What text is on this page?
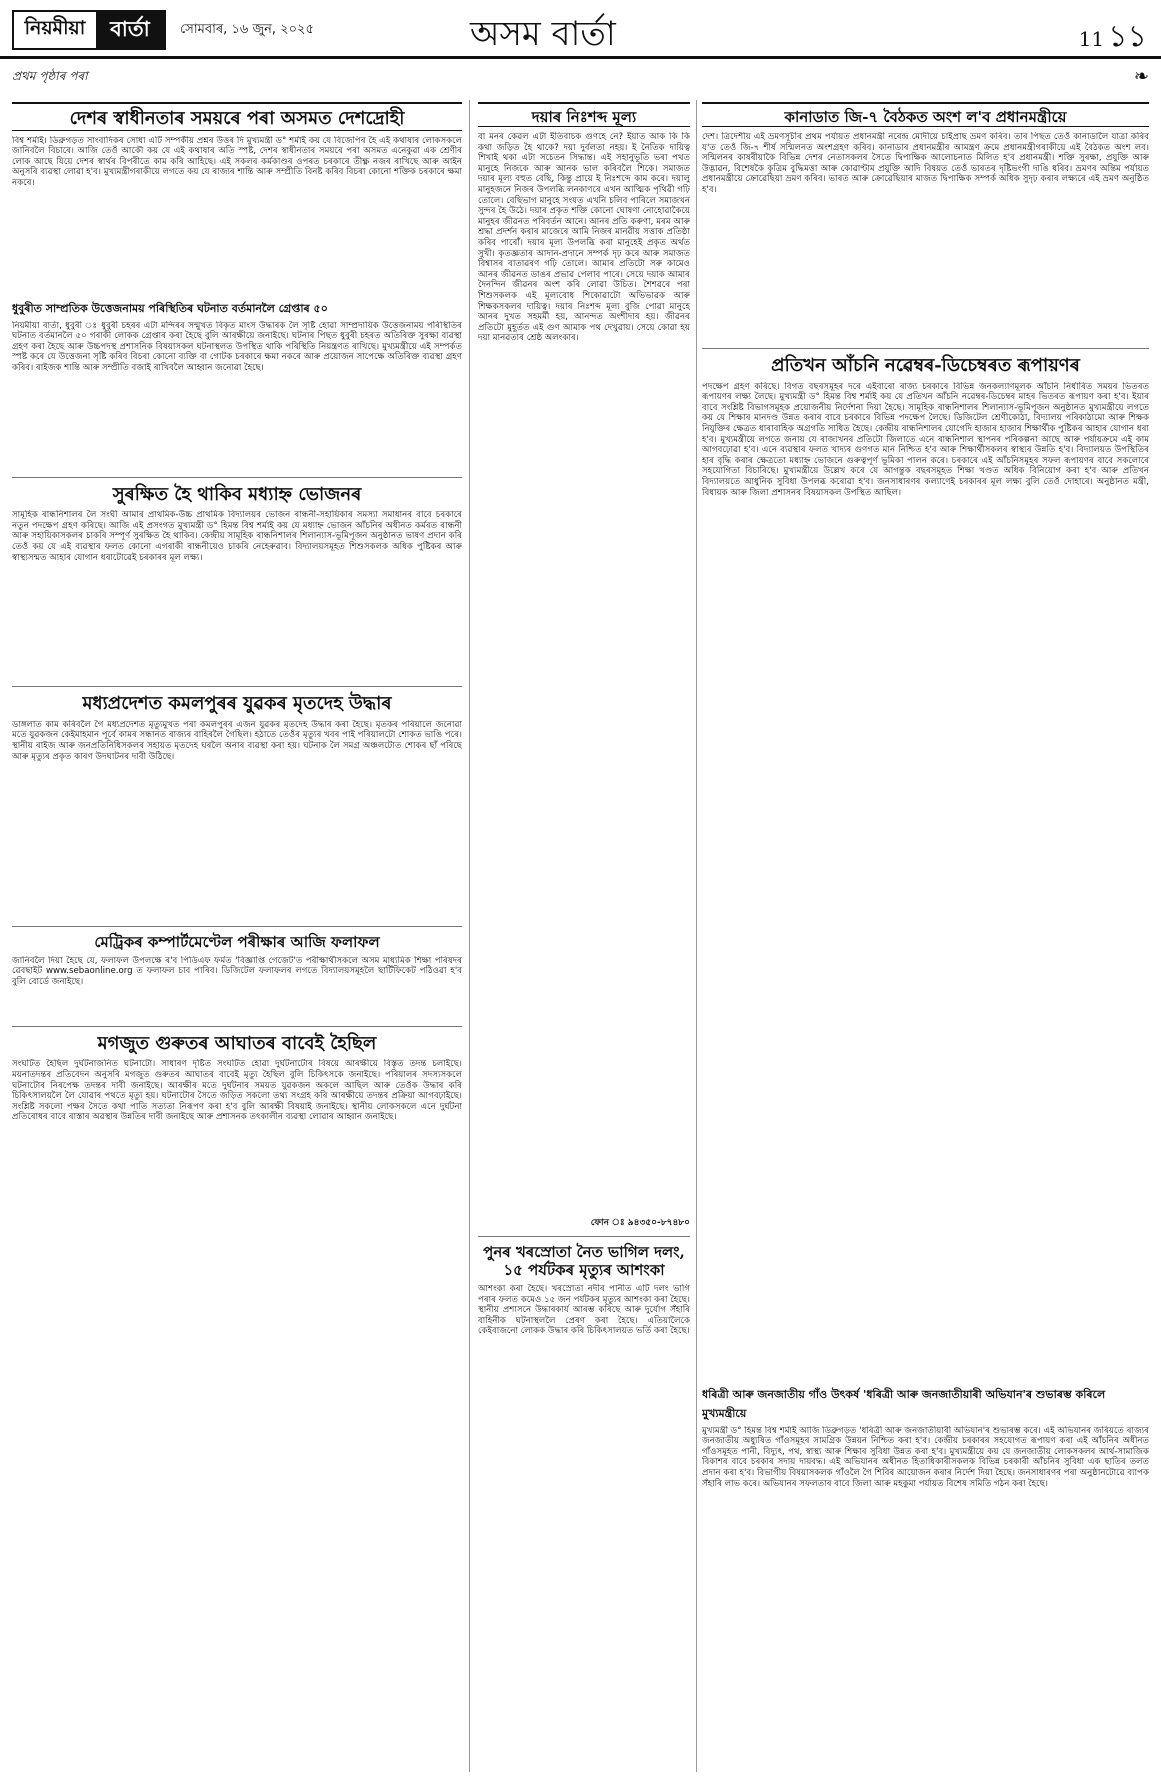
নিয়মীয়া	বাৰ্তা	সোমবাৰ, ১৬ জুন, ২০২৫	অসম বাৰ্তা	11 ১১
প্ৰথম পৃষ্ঠাৰ পৰা	❧
দেশৰ স্বাধীনতাৰ সময়ৰে পৰা অসমত দেশদ্ৰোহী

বিশ্ব শৰ্মাই। ডিব্ৰুগড়ত সাংবাদিকৰ সোধা এটি সম্পৰ্কীয় প্ৰশ্নৰ উত্তৰ দি মুখ্যমন্ত্ৰী ড° শৰ্মাই কয় যে বিজেপিৰ হৈ এই কথাষাৰ লোকসকলে জানিবলৈ বিচাৰে। আজি তেওঁ আকৌ কয় যে এই কথাষাৰ অতি স্পষ্ট, দেশৰ স্বাধীনতাৰ সময়ৰে পৰা অসমত এনেকুৱা এক শ্ৰেণীৰ লোক আছে যিয়ে দেশৰ স্বাৰ্থৰ বিপৰীতে কাম কৰি আহিছে। এই সকলৰ কৰ্মকাণ্ডৰ ওপৰত চৰকাৰে তীক্ষ্ণ নজৰ ৰাখিছে আৰু আইন অনুসৰি ব্যৱস্থা লোৱা হ'ব। মুখ্যমন্ত্ৰীগৰাকীয়ে লগতে কয় যে ৰাজ্যৰ শান্তি আৰু সম্প্ৰীতি বিনষ্ট কৰিব বিচৰা কোনো শক্তিক চৰকাৰে ক্ষমা নকৰে।

ধুবুৰীত সাম্প্ৰতিক উত্তেজনাময় পৰিস্থিতিৰ ঘটনাত বৰ্তমানলৈ গ্ৰেপ্তাৰ ৫০

নিয়মীয়া বাৰ্তা, ধুবুৰী ঃ ধুবুৰী চহৰৰ এটা মন্দিৰৰ সন্মুখত বিকৃত মাংস উদ্ধাৰক লৈ সৃষ্টি হোৱা সাম্প্ৰদায়িক উত্তেজনাময় পৰিস্থিতিৰ ঘটনাত বৰ্তমানলৈ ৫০ গৰাকী লোকক গ্ৰেপ্তাৰ কৰা হৈছে বুলি আৰক্ষীয়ে জনাইছে। ঘটনাৰ পিছত ধুবুৰী চহৰত অতিৰিক্ত সুৰক্ষা ব্যৱস্থা গ্ৰহণ কৰা হৈছে আৰু উচ্চপদস্থ প্ৰশাসনিক বিষয়াসকল ঘটনাস্থলত উপস্থিত থাকি পৰিস্থিতি নিয়ন্ত্ৰণত ৰাখিছে। মুখ্যমন্ত্ৰীয়ে এই সম্পৰ্কত স্পষ্ট কৰে যে উত্তেজনা সৃষ্টি কৰিব বিচৰা কোনো ব্যক্তি বা গোটক চৰকাৰে ক্ষমা নকৰে আৰু প্ৰয়োজন সাপেক্ষে অতিৰিক্ত ব্যৱস্থা গ্ৰহণ কৰিব। ৰাইজক শান্তি আৰু সম্প্ৰীতি বজাই ৰাখিবলৈ আহ্বান জনোৱা হৈছে।

সুৰক্ষিত হৈ থাকিব মধ্যাহ্ন ভোজনৰ

সামূহিক ৰান্ধনিশালৰ লৈ সংঘী আমাৰ প্ৰাথমিক-উচ্চ প্ৰাথমিক বিদ্যালয়ৰ ভোজন ৰান্ধনী-সহায়িকাৰ সমস্যা সমাধানৰ বাবে চৰকাৰে নতুন পদক্ষেপ গ্ৰহণ কৰিছে। আজি এই প্ৰসংগত মুখ্যমন্ত্ৰী ড° হিমন্ত বিশ্ব শৰ্মাই কয় যে মধ্যাহ্ন ভোজন আঁচনিৰ অধীনত কৰ্মৰত ৰান্ধনী আৰু সহায়িকাসকলৰ চাকৰি সম্পূৰ্ণ সুৰক্ষিত হৈ থাকিব। কেন্দ্ৰীয় সামূহিক ৰান্ধনিশালৰ শিলান্যাস-ভূমিপূজন অনুষ্ঠানত ভাষণ প্ৰদান কৰি তেওঁ কয় যে এই ব্যৱস্থাৰ ফলত কোনো এগৰাকী ৰান্ধনীয়েও চাকৰি নেহেৰুৱাব। বিদ্যালয়সমূহত শিশুসকলক অধিক পুষ্টিকৰ আৰু স্বাস্থ্যসন্মত আহাৰ যোগান ধৰাটোৱেই চৰকাৰৰ মূল লক্ষ্য।

মধ্যপ্ৰদেশত কমলপুৰৰ যুৱকৰ মৃতদেহ উদ্ধাৰ

ডাঙ্গলাত কাম কৰিবলৈ গৈ মধ্যপ্ৰদেশত মৃত্যুমুখত পৰা কমলপুৰৰ এজন যুৱকৰ মৃতদেহ উদ্ধাৰ কৰা হৈছে। মৃতকৰ পৰিয়ালে জনোৱা মতে যুৱকজন কেইমাহমান পূৰ্বে কামৰ সন্ধানত ৰাজ্যৰ বাহিৰলৈ গৈছিল। হঠাতে তেওঁৰ মৃত্যুৰ খবৰ পাই পৰিয়ালটো শোকত ভাঙি পৰে। স্থানীয় ৰাইজ আৰু জনপ্ৰতিনিধিসকলৰ সহায়ত মৃতদেহ ঘৰলৈ অনাৰ ব্যৱস্থা কৰা হয়। ঘটনাক লৈ সমগ্ৰ অঞ্চলটোত শোকৰ ছাঁ পৰিছে আৰু মৃত্যুৰ প্ৰকৃত কাৰণ উদঘাটনৰ দাবী উঠিছে।

মেট্ৰিকৰ কম্পাৰ্টমেণ্টেল পৰীক্ষাৰ আজি ফলাফল

জানিবলৈ দিয়া হৈছে যে, ফলাফল উপলক্ষে ৰ'ব পিডিএফ ফৰ্মত 'বিজ্ঞাপ্তি গেজেট'ত পৰীক্ষাৰ্থীসকলে অসম মাধ্যমিক শিক্ষা পৰিষদৰ ৱেবছাইট www.sebaonline.org ত ফলাফল চাব পাৰিব। ডিজিটেল ফলাফলৰ লগতে বিদ্যালয়সমূহলৈ ছাৰ্টিফিকেট পঠিওৱা হ'ব বুলি বোৰ্ডে জনাইছে।

মগজুত গুৰুতৰ আঘাতৰ বাবেই হৈছিল

সংঘটিত হৈছিল দুৰ্ঘটনাজনিত ঘটনাটো। সাধাৰণ দৃষ্টিত সংঘটিত হোৱা দুৰ্ঘটনাটোৰ বিষয়ে আৰক্ষীয়ে বিস্তৃত তদন্ত চলাইছে। ময়নাতদন্তৰ প্ৰতিবেদন অনুসৰি মগজুত গুৰুতৰ আঘাতৰ বাবেই মৃত্যু হৈছিল বুলি চিকিৎসকে জনাইছে। পৰিয়ালৰ সদস্যসকলে ঘটনাটোৰ নিৰপেক্ষ তদন্তৰ দাবী জনাইছে। আৰক্ষীৰ মতে দুৰ্ঘটনাৰ সময়ত যুৱকজন অকলে আছিল আৰু তেওঁক উদ্ধাৰ কৰি চিকিৎসালয়লৈ লৈ যোৱাৰ পথতে মৃত্যু হয়। ঘটনাটোৰ সৈতে জড়িত সকলো তথ্য সংগ্ৰহ কৰি আৰক্ষীয়ে তদন্তৰ প্ৰক্ৰিয়া আগবঢ়াইছে। সংশ্লিষ্ট সকলো পক্ষৰ সৈতে কথা পাতি সত্যতা নিৰূপণ কৰা হ'ব বুলি আৰক্ষী বিষয়াই জনাইছে। স্থানীয় লোকসকলে এনে দুৰ্ঘটনা প্ৰতিৰোধৰ বাবে ৰাস্তাৰ অৱস্থাৰ উন্নতিৰ দাবী জনাইছে আৰু প্ৰশাসনক তৎকালীন ব্যৱস্থা লোৱাৰ আহ্বান জনাইছে।

দয়াৰ নিঃশব্দ মূল্য

বা মনৰ কেৱল এটা ইতিবাচক গুণহে নে? ইয়াত আক কি কি কথা জড়িত হৈ থাকে? দয়া দুৰ্বলতা নহয়। ই নৈতিক দায়িত্ব শিখাই থকা এটা সচেতন সিদ্ধান্ত। এই সহানুভূতি ভৰা পথত মানুহে নিজকে আৰু আনক ভাল কৰিবলৈ শিকে। সমাজত দয়াৰ মূল্য বহুত বেছি, কিন্তু প্ৰায়ে ই নিঃশব্দে কাম কৰে। দয়ালু মানুহজনে নিজৰ উপলব্ধি লনকাণৰে এখন আত্মিক পৃথিৱী গঢ়ি তোলে। বেছিভাগ মানুহে সংযত এখনি চলিব পাৰিলে সমাজখন সুন্দৰ হৈ উঠে। দয়াৰ প্ৰকৃত শক্তি কোনো ঘোষণা নোহোৱাকৈয়ে মানুহৰ জীৱনত পৰিবৰ্তন আনে। আনৰ প্ৰতি কৰুণা, মৰম আৰু শ্ৰদ্ধা প্ৰদৰ্শন কৰাৰ মাজেৰে আমি নিজৰ মানৱীয় সত্তাক প্ৰতিষ্ঠা কৰিব পাৰোঁ। দয়াৰ মূল্য উপলব্ধি কৰা মানুহেই প্ৰকৃত অৰ্থত সুখী। কৃতজ্ঞতাৰ আদান-প্ৰদানে সম্পৰ্ক দৃঢ় কৰে আৰু সমাজত বিশ্বাসৰ বাতাৱৰণ গঢ়ি তোলে। আমাৰ প্ৰতিটো সৰু কামেও আনৰ জীৱনত ডাঙৰ প্ৰভাৱ পেলাব পাৰে। সেয়ে দয়াক আমাৰ দৈনন্দিন জীৱনৰ অংশ কৰি লোৱা উচিত। শৈশৱৰে পৰা শিশুসকলক এই মূল্যবোধ শিকোৱাটো অভিভাৱক আৰু শিক্ষকসকলৰ দায়িত্ব। দয়াৰ নিঃশব্দ মূল্য বুজি পোৱা মানুহে আনৰ দুখত সহমৰ্মী হয়, আনন্দত অংশীদাৰ হয়। জীৱনৰ প্ৰতিটো মুহূৰ্তত এই গুণ আমাক পথ দেখুৱায়। সেয়ে কোৱা হয় দয়া মানৱতাৰ শ্ৰেষ্ঠ অলংকাৰ।

ফোন ঃ ৯৪৩৫০-৮৭৪৮০
পুনৰ খৰস্ৰোতা নৈত ভাগিল দলং, ১৫ পৰ্যটকৰ মৃত্যুৰ আশংকা

আশংকা কৰা হৈছে। খৰস্ৰোতা নদীৰ পানীত এটি দলং ভাগি পৰাৰ ফলত কমেও ১৫ জন পৰ্যটকৰ মৃত্যুৰ আশংকা কৰা হৈছে। স্থানীয় প্ৰশাসনে উদ্ধাৰকাৰ্য আৰম্ভ কৰিছে আৰু দুৰ্যোগ সঁহাৰি বাহিনীক ঘটনাস্থললৈ প্ৰেৰণ কৰা হৈছে। এতিয়ালৈকে কেইবাজনো লোকক উদ্ধাৰ কৰি চিকিৎসালয়ত ভৰ্তি কৰা হৈছে।

কানাডাত জি-৭ বৈঠকত অংশ ল'ব প্ৰধানমন্ত্ৰীয়ে

দেশ। ত্ৰিদেশীয় এই ভ্ৰমণসূচীৰ প্ৰথম পৰ্যায়ত প্ৰধানমন্ত্ৰী নৰেন্দ্ৰ মোদীয়ে চাইপ্ৰাছ ভ্ৰমণ কৰিব। তাৰ পিছত তেওঁ কানাডালৈ যাত্ৰা কৰিব য'ত তেওঁ জি-৭ শীৰ্ষ সন্মিলনত অংশগ্ৰহণ কৰিব। কানাডাৰ প্ৰধানমন্ত্ৰীৰ আমন্ত্ৰণ ক্ৰমে প্ৰধানমন্ত্ৰীগৰাকীয়ে এই বৈঠকত অংশ লব। সন্মিলনৰ কাষৰীয়াকৈ বিভিন্ন দেশৰ নেতাসকলৰ সৈতে দ্বিপাক্ষিক আলোচনাত মিলিত হ'ব প্ৰধানমন্ত্ৰী। শক্তি সুৰক্ষা, প্ৰযুক্তি আৰু উদ্ভাৱন, বিশেষকৈ কৃত্ৰিম বুদ্ধিমত্তা আৰু কোৱাণ্টাম প্ৰযুক্তি আদি বিষয়ত তেওঁ ভাৰতৰ দৃষ্টিভংগী দাঙি ধৰিব। ভ্ৰমণৰ অন্তিম পৰ্যায়ত প্ৰধানমন্ত্ৰীয়ে ক্ৰোৱেছিয়া ভ্ৰমণ কৰিব। ভাৰত আৰু ক্ৰোৱেছিয়াৰ মাজত দ্বিপাক্ষিক সম্পৰ্ক অধিক সুদৃঢ় কৰাৰ লক্ষ্যৰে এই ভ্ৰমণ অনুষ্ঠিত হ'ব।

প্ৰতিখন আঁচনি নৱেম্বৰ-ডিচেম্বৰত ৰূপায়ণৰ

পদক্ষেপ গ্ৰহণ কৰিছে। বিগত বছৰসমূহৰ দৰে এইবাৰো ৰাজ্য চৰকাৰে বিভিন্ন জনকল্যাণমূলক আঁচনি নিৰ্ধাৰিত সময়ৰ ভিতৰত ৰূপায়ণৰ লক্ষ্য লৈছে। মুখ্যমন্ত্ৰী ড° হিমন্ত বিশ্ব শৰ্মাই কয় যে প্ৰতিখন আঁচনি নৱেম্বৰ-ডিচেম্বৰ মাহৰ ভিতৰত ৰূপায়ণ কৰা হ'ব। ইয়াৰ বাবে সংশ্লিষ্ট বিভাগসমূহক প্ৰয়োজনীয় নিৰ্দেশনা দিয়া হৈছে। সামূহিক ৰান্ধনিশালৰ শিলান্যাস-ভূমিপূজন অনুষ্ঠানত মুখ্যমন্ত্ৰীয়ে লগতে কয় যে শিক্ষাৰ মানদণ্ড উন্নত কৰাৰ বাবে চৰকাৰে বিভিন্ন পদক্ষেপ লৈছে। ডিজিটেল শ্ৰেণীকোঠা, বিদ্যালয় পৰিকাঠামো আৰু শিক্ষক নিযুক্তিৰ ক্ষেত্ৰত ধাৰাবাহিক অগ্ৰগতি সাধিত হৈছে। কেন্দ্ৰীয় ৰান্ধনিশালৰ যোগেদি হাজাৰ হাজাৰ শিক্ষাৰ্থীক পুষ্টিকৰ আহাৰ যোগান ধৰা হ'ব। মুখ্যমন্ত্ৰীয়ে লগতে জনায় যে ৰাজ্যখনৰ প্ৰতিটো জিলাতে এনে ৰান্ধনিশাল স্থাপনৰ পৰিকল্পনা আছে আৰু পৰ্যায়ক্ৰমে এই কাম আগবঢ়োৱা হ'ব। এনে ব্যৱস্থাৰ ফলত খাদ্যৰ গুণগত মান নিশ্চিত হ'ব আৰু শিক্ষাৰ্থীসকলৰ স্বাস্থ্যৰ উন্নতি হ'ব। বিদ্যালয়ত উপস্থিতিৰ হাৰ বৃদ্ধি কৰাৰ ক্ষেত্ৰতো মধ্যাহ্ন ভোজনে গুৰুত্বপূৰ্ণ ভূমিকা পালন কৰে। চৰকাৰে এই আঁচনিসমূহৰ সফল ৰূপায়ণৰ বাবে সকলোৰে সহযোগিতা বিচাৰিছে। মুখ্যমন্ত্ৰীয়ে উল্লেখ কৰে যে আগন্তুক বছৰসমূহত শিক্ষা খণ্ডত অধিক বিনিয়োগ কৰা হ'ব আৰু প্ৰতিখন বিদ্যালয়তে আধুনিক সুবিধা উপলব্ধ কৰোৱা হ'ব। জনসাধাৰণৰ কল্যাণেই চৰকাৰৰ মূল লক্ষ্য বুলি তেওঁ দোহাৰে। অনুষ্ঠানত মন্ত্ৰী, বিধায়ক আৰু জিলা প্ৰশাসনৰ বিষয়াসকল উপস্থিত আছিল।

ধৰিত্ৰী আৰু জনজাতীয় গাঁও উৎকৰ্ষ 'ধৰিত্ৰী আৰু জনজাতীয়াৰী অভিযান'ৰ শুভাৰম্ভ কৰিলে মুখ্যমন্ত্ৰীয়ে

মুখ্যমন্ত্ৰী ড° হিমন্ত বিশ্ব শৰ্মাই আজি ডিব্ৰুগড়ত 'ধৰিত্ৰী আৰু জনজাতীয়াৰী অভিযান'ৰ শুভাৰম্ভ কৰে। এই অভিযানৰ জৰিয়তে ৰাজ্যৰ জনজাতীয় অধ্যুষিত গাঁওসমূহৰ সামগ্ৰিক উন্নয়ন নিশ্চিত কৰা হ'ব। কেন্দ্ৰীয় চৰকাৰৰ সহযোগত ৰূপায়ণ কৰা এই আঁচনিৰ অধীনত গাঁওসমূহত পানী, বিদ্যুৎ, পথ, স্বাস্থ্য আৰু শিক্ষাৰ সুবিধা উন্নত কৰা হ'ব। মুখ্যমন্ত্ৰীয়ে কয় যে জনজাতীয় লোকসকলৰ আৰ্থ-সামাজিক বিকাশৰ বাবে চৰকাৰ সদায় দায়বদ্ধ। এই অভিযানৰ অধীনত হিতাধিকাৰীসকলক বিভিন্ন চৰকাৰী আঁচনিৰ সুবিধা এক ছাতিৰ তলত প্ৰদান কৰা হ'ব। বিভাগীয় বিষয়াসকলক গাঁওলৈ গৈ শিবিৰ আয়োজন কৰাৰ নিৰ্দেশ দিয়া হৈছে। জনসাধাৰণৰ পৰা অনুষ্ঠানটোৱে ব্যাপক সঁহাৰি লাভ কৰে। অভিযানৰ সফলতাৰ বাবে জিলা আৰু মহকুমা পৰ্যায়ত বিশেষ সমিতি গঠন কৰা হৈছে।
